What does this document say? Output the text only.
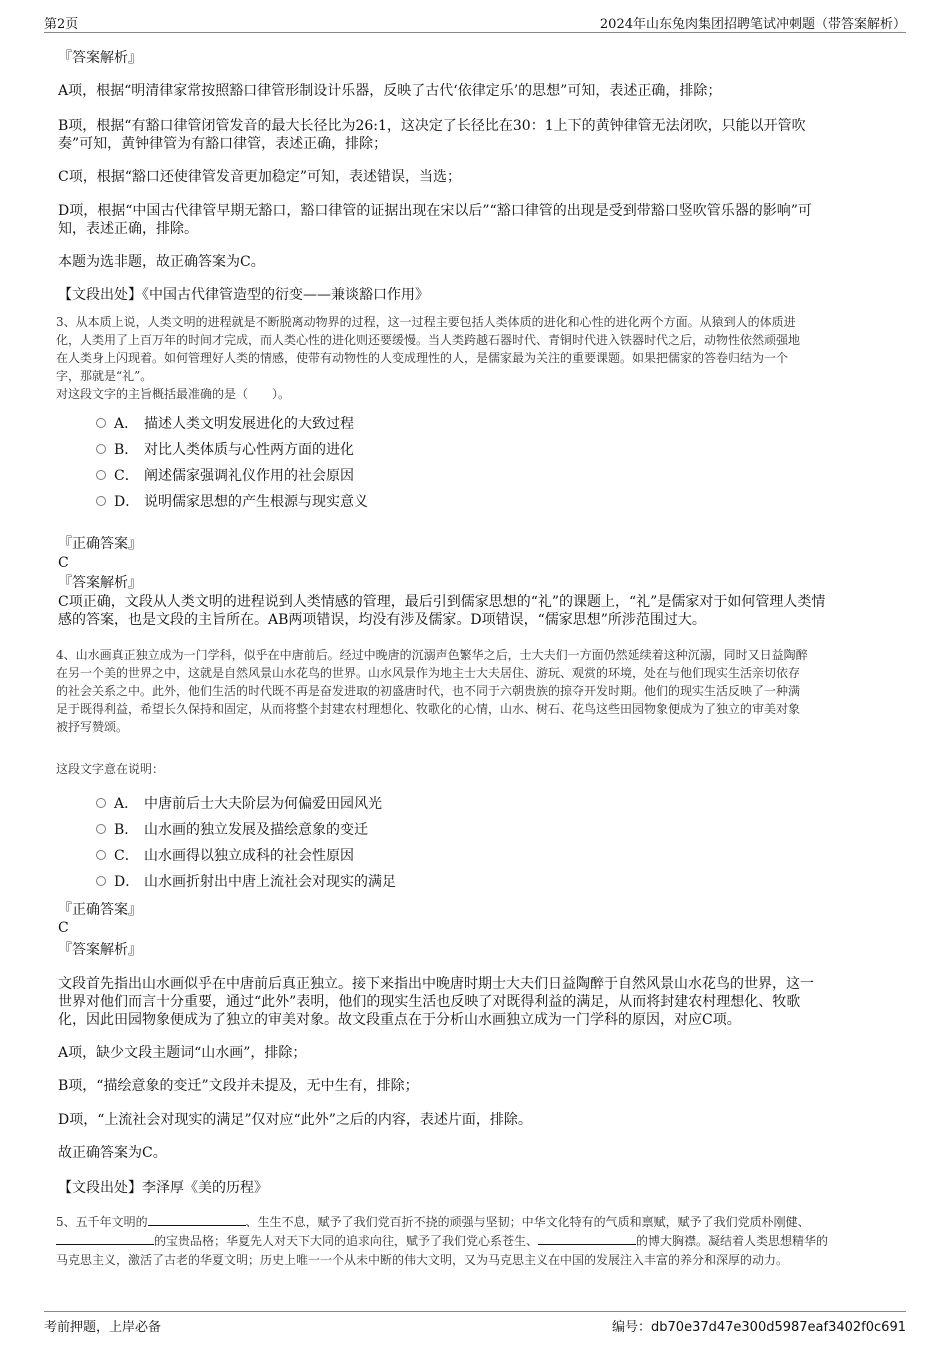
第2页	2024年山东兔肉集团招聘笔试冲刺题（带答案解析）

『答案解析』

A项，根据“明清律家常按照豁口律管形制设计乐器，反映了古代‘依律定乐’的思想”可知，表述正确，排除；

B项，根据“有豁口律管闭管发音的最大长径比为26:1，这决定了长径比在30：1上下的黄钟律管无法闭吹，只能以开管吹

奏”可知，黄钟律管为有豁口律管，表述正确，排除；

C项，根据“豁口还使律管发音更加稳定”可知，表述错误，当选；

D项，根据“中国古代律管早期无豁口，豁口律管的证据出现在宋以后”“豁口律管的出现是受到带豁口竖吹管乐器的影响”可

知，表述正确，排除。

本题为选非题，故正确答案为C。

【文段出处】《中国古代律管造型的衍变——兼谈豁口作用》

3、从本质上说，人类文明的进程就是不断脱离动物界的过程，这一过程主要包括人类体质的进化和心性的进化两个方面。从猿到人的体质进

化，人类用了上百万年的时间才完成，而人类心性的进化则还要缓慢。当人类跨越石器时代、青铜时代进入铁器时代之后，动物性依然顽强地

在人类身上闪现着。如何管理好人类的情感，使带有动物性的人变成理性的人，是儒家最为关注的重要课题。如果把儒家的答卷归结为一个

字，那就是“礼”。

对这段文字的主旨概括最准确的是（　　）。

A． 描述人类文明发展进化的大致过程
B． 对比人类体质与心性两方面的进化
C． 阐述儒家强调礼仪作用的社会原因
D． 说明儒家思想的产生根源与现实意义

『正确答案』

C

『答案解析』

C项正确，文段从人类文明的进程说到人类情感的管理，最后引到儒家思想的“礼”的课题上，“礼”是儒家对于如何管理人类情

感的答案，也是文段的主旨所在。AB两项错误，均没有涉及儒家。D项错误，“儒家思想”所涉范围过大。

4、山水画真正独立成为一门学科，似乎在中唐前后。经过中晚唐的沉溺声色繁华之后，士大夫们一方面仍然延续着这种沉溺，同时又日益陶醉

在另一个美的世界之中，这就是自然风景山水花鸟的世界。山水风景作为地主士大夫居住、游玩、观赏的环境，处在与他们现实生活亲切依存

的社会关系之中。此外，他们生活的时代既不再是奋发进取的初盛唐时代，也不同于六朝贵族的掠夺开发时期。他们的现实生活反映了一种满

足于既得利益，希望长久保持和固定，从而将整个封建农村理想化、牧歌化的心情，山水、树石、花鸟这些田园物象便成为了独立的审美对象

被抒写赞颂。

这段文字意在说明：

A． 中唐前后士大夫阶层为何偏爱田园风光
B． 山水画的独立发展及描绘意象的变迁
C． 山水画得以独立成科的社会性原因
D． 山水画折射出中唐上流社会对现实的满足

『正确答案』

C

『答案解析』

文段首先指出山水画似乎在中唐前后真正独立。接下来指出中晚唐时期士大夫们日益陶醉于自然风景山水花鸟的世界，这一

世界对他们而言十分重要，通过“此外”表明，他们的现实生活也反映了对既得利益的满足，从而将封建农村理想化、牧歌

化，因此田园物象便成为了独立的审美对象。故文段重点在于分析山水画独立成为一门学科的原因，对应C项。

A项，缺少文段主题词“山水画”，排除；

B项，“描绘意象的变迁”文段并未提及，无中生有，排除；

D项，“上流社会对现实的满足”仅对应“此外”之后的内容，表述片面，排除。

故正确答案为C。

【文段出处】李泽厚《美的历程》

5、五千年文明的	、生生不息，赋予了我们党百折不挠的顽强与坚韧；中华文化特有的气质和禀赋，赋予了我们党质朴刚健、

的宝贵品格；华夏先人对天下大同的追求向往，赋予了我们党心系苍生、	的博大胸襟。凝结着人类思想精华的

马克思主义，激活了古老的华夏文明；历史上唯一一个从未中断的伟大文明，又为马克思主义在中国的发展注入丰富的养分和深厚的动力。

考前押题，上岸必备	编号：db70e37d47e300d5987eaf3402f0c691
